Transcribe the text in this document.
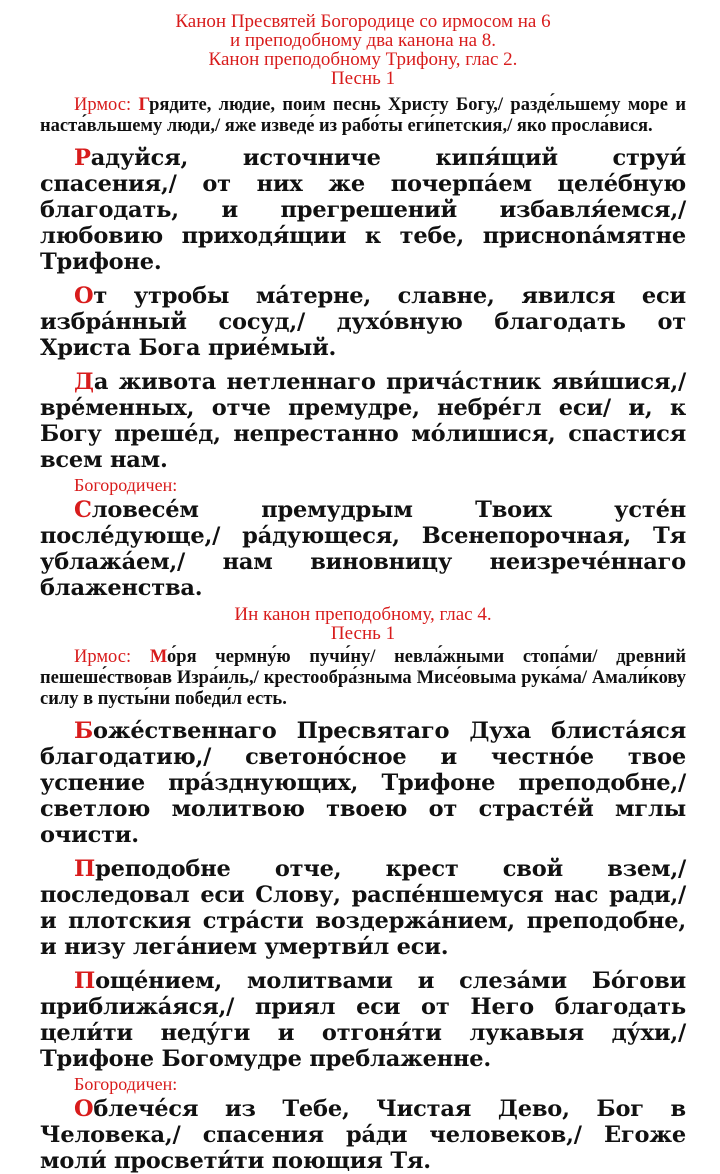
Канон Пресвятей Богородице со ирмосом на 6

и преподобному два канона на 8.

Канон преподобному Трифону, глас 2.

Песнь 1

Ирмос: Грядите, людие, поим песнь Христу Богу,/ разде́льшему море и наста́вльшему люди,/ яже изведе́ из рабо́ты еги́петския,/ яко просла́вися.

Радуйся, источниче кипя́щий струи́ спасения,/ от них же почерпа́ем целе́бную благодать, и прегрешений избавля́емся,/ любовию приходя́щии к тебе, присноnа́мятне Трифоне.

От утробы ма́терне, славне, явился еси избра́нный сосуд,/ духо́вную благодать от Христа Бога прие́мый.

Да живота нетленнаго прича́стник яви́шися,/ вре́менных, отче премудре, небре́гл еси/ и, к Богу преше́д, непрестанно мо́лишися, спастися всем нам.

Богородичен:

Словесе́м премудрым Твоих усте́н после́дующе,/ ра́дующеся, Всенепорочная, Тя ублажа́ем,/ нам виновницу неизрече́ннаго блаженства.

Ин канон преподобному, глас 4.

Песнь 1

Ирмос: Мо́ря чермну́ю пучи́ну/ невла́жными стопа́ми/ древний пешеше́ствовав Изра́иль,/ крестообра́зныма Мисе́овыма рука́ма/ Амали́кову силу в пусты́ни победи́л есть.

Боже́ственнаго Пресвятаго Духа блиста́яся благодатию,/ светоно́сное и честно́е твое успение пра́зднующих, Трифоне преподобне,/ светлою молитвою твоею от страсте́й мглы очисти.

Преподобне отче, крест свой взем,/ последовал еси Слову, распе́ншемуся нас ради,/ и плотския стра́сти воздержа́нием, преподобне, и низу лега́нием умертви́л еси.

Поще́нием, молитвами и слеза́ми Бо́гови приближа́яся,/ приял еси от Него благодать цели́ти неду́ги и отгоня́ти лукавыя ду́хи,/ Трифоне Богомудре преблаженне.

Богородичен:

Облече́ся из Тебе, Чистая Дево, Бог в Человека,/ спасения ра́ди человеков,/ Егоже моли́ просвети́ти поющия Тя.
